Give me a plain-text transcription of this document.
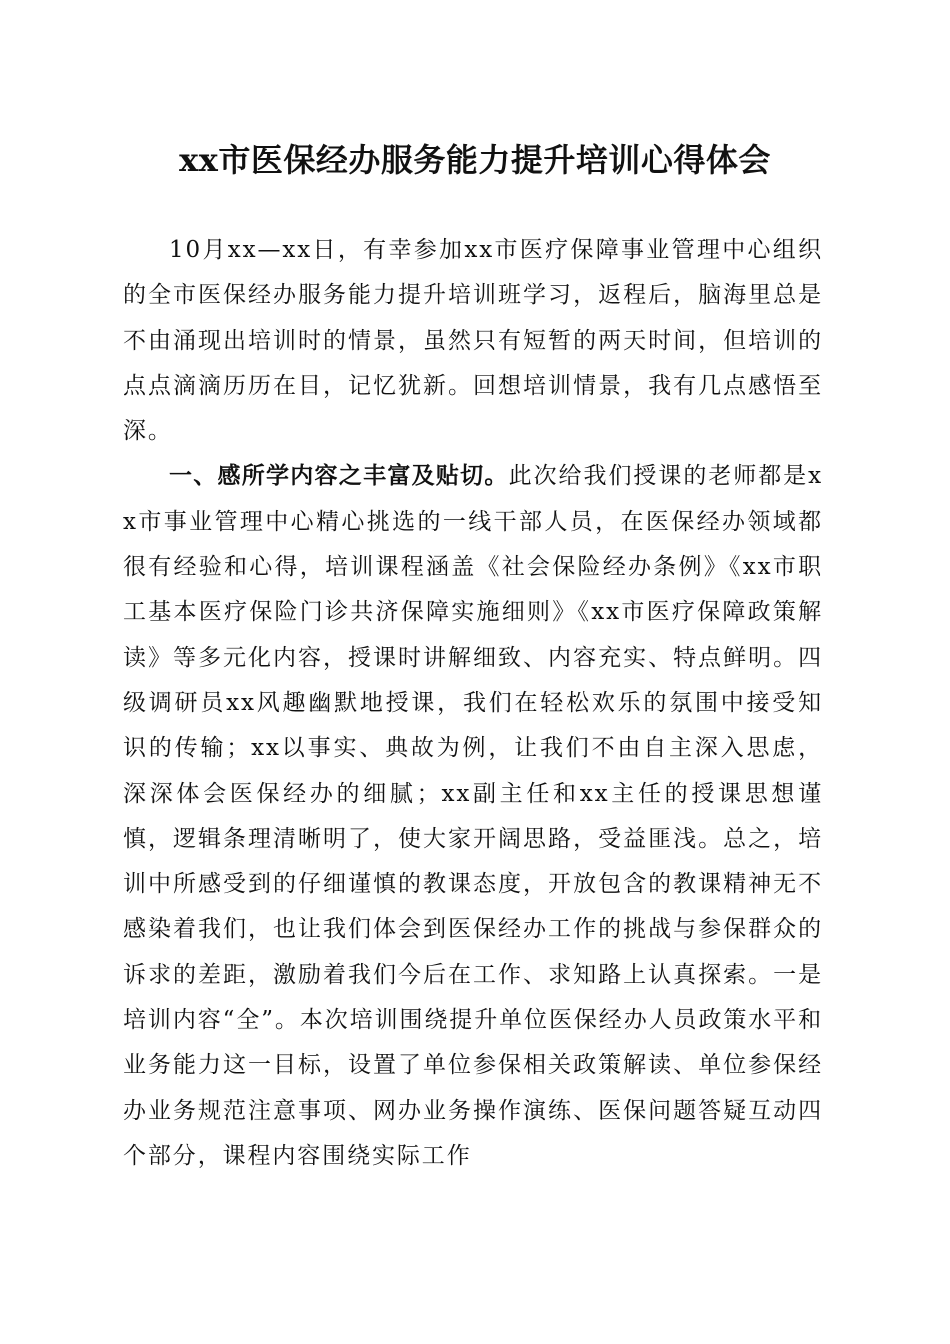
xx市医保经办服务能力提升培训心得体会

10月xx—xx日，有幸参加xx市医疗保障事业管理中心组织的全市医保经办服务能力提升培训班学习，返程后，脑海里总是不由涌现出培训时的情景，虽然只有短暂的两天时间，但培训的点点滴滴历历在目，记忆犹新。回想培训情景，我有几点感悟至深。

一、感所学内容之丰富及贴切。此次给我们授课的老师都是xx市事业管理中心精心挑选的一线干部人员，在医保经办领域都很有经验和心得，培训课程涵盖《社会保险经办条例》《xx市职工基本医疗保险门诊共济保障实施细则》《xx市医疗保障政策解读》等多元化内容，授课时讲解细致、内容充实、特点鲜明。四级调研员xx风趣幽默地授课，我们在轻松欢乐的氛围中接受知识的传输；xx以事实、典故为例，让我们不由自主深入思虑，深深体会医保经办的细腻；xx副主任和xx主任的授课思想谨慎，逻辑条理清晰明了，使大家开阔思路，受益匪浅。总之，培训中所感受到的仔细谨慎的教课态度，开放包含的教课精神无不感染着我们，也让我们体会到医保经办工作的挑战与参保群众的诉求的差距，激励着我们今后在工作、求知路上认真探索。一是培训内容“全”。本次培训围绕提升单位医保经办人员政策水平和业务能力这一目标，设置了单位参保相关政策解读、单位参保经办业务规范注意事项、网办业务操作演练、医保问题答疑互动四个部分，课程内容围绕实际工作
